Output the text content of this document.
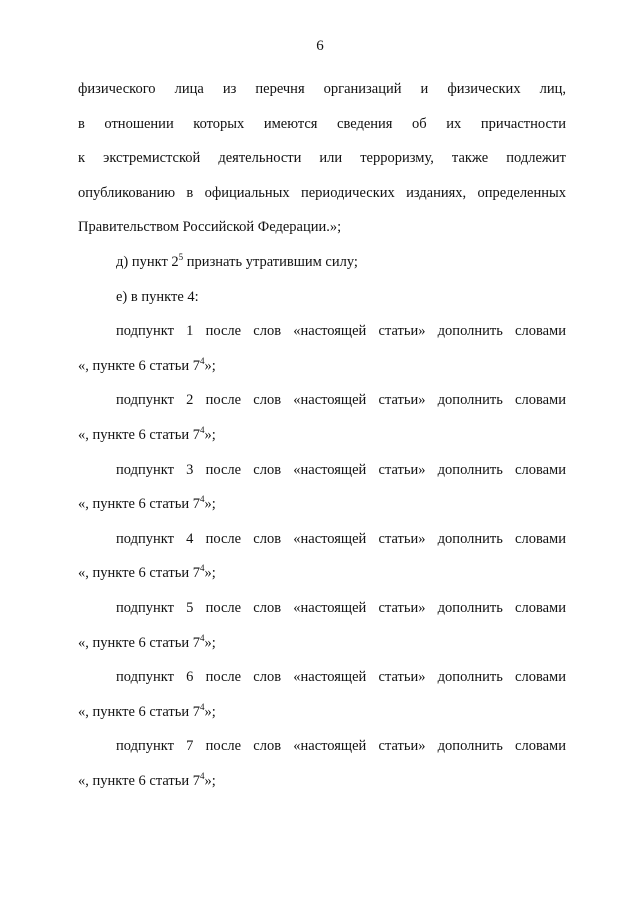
6
физического лица из перечня организаций и физических лиц,
в отношении которых имеются сведения об их причастности
к экстремистской деятельности или терроризму, также подлежит
опубликованию в официальных периодических изданиях, определенных
Правительством Российской Федерации.»;
д) пункт $2^5$ признать утратившим силу;
е) в пункте 4:
подпункт 1 после слов «настоящей статьи» дополнить словами
«, пункте 6 статьи $7^4$»;
подпункт 2 после слов «настоящей статьи» дополнить словами
«, пункте 6 статьи $7^4$»;
подпункт 3 после слов «настоящей статьи» дополнить словами
«, пункте 6 статьи $7^4$»;
подпункт 4 после слов «настоящей статьи» дополнить словами
«, пункте 6 статьи $7^4$»;
подпункт 5 после слов «настоящей статьи» дополнить словами
«, пункте 6 статьи $7^4$»;
подпункт 6 после слов «настоящей статьи» дополнить словами
«, пункте 6 статьи $7^4$»;
подпункт 7 после слов «настоящей статьи» дополнить словами
«, пункте 6 статьи $7^4$»;
